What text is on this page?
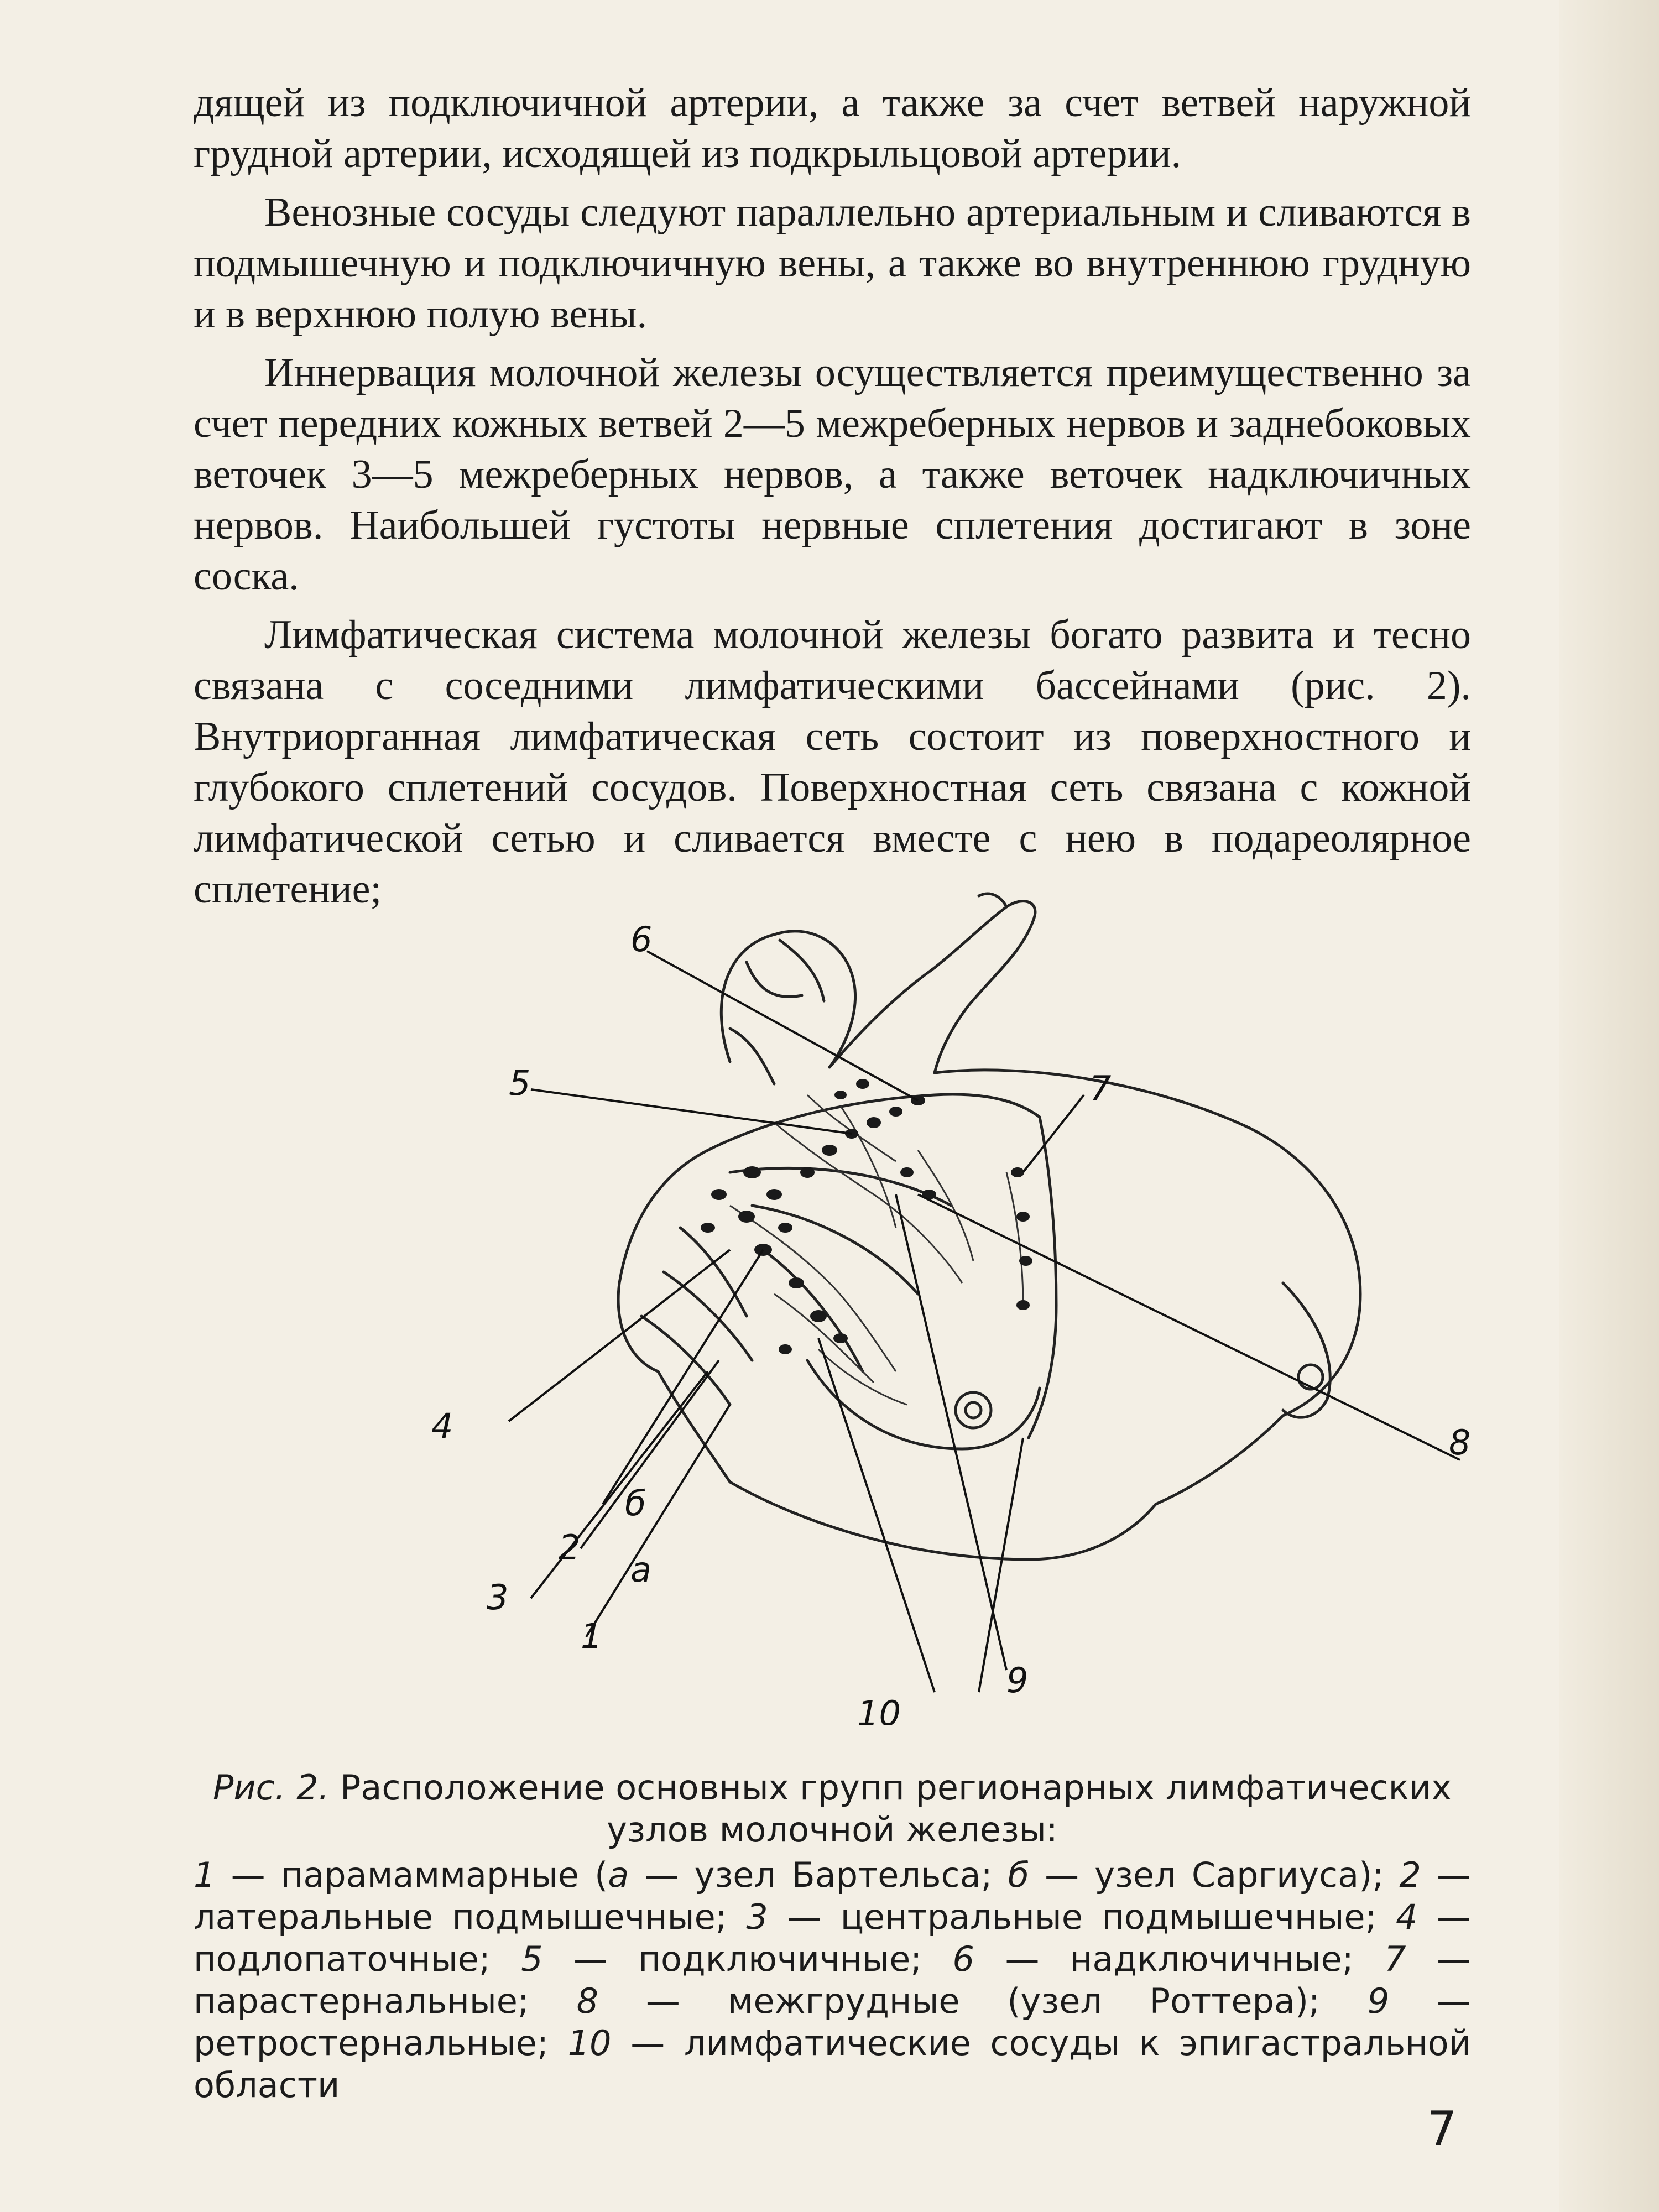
дящей из подключичной артерии, а также за счет ветвей наружной грудной артерии, исходящей из подкрыльцовой артерии.

Венозные сосуды следуют параллельно артериальным и сливаются в подмышечную и подключичную вены, а также во внутреннюю грудную и в верхнюю полую вены.

Иннервация молочной железы осуществляется преимущественно за счет передних кожных ветвей 2—5 межреберных нервов и заднебоковых веточек 3—5 межреберных нервов, а также веточек надключичных нервов. Наибольшей густоты нервные сплетения достигают в зоне соска.

Лимфатическая система молочной железы богато развита и тесно связана с соседними лимфатическими бассейнами (рис. 2). Внутриорганная лимфатическая сеть состоит из поверхностного и глубокого сплетений сосудов. Поверхностная сеть связана с кожной лимфатической сетью и сливается вместе с нею в подареолярное сплетение;

6
5	7
4	8
б
2
а
3
1
9
10

Рис. 2. Расположение основных групп регионарных лимфатических узлов молочной железы:

1 — парамаммарные (а — узел Бартельса; б — узел Саргиуса); 2 — латеральные подмышечные; 3 — центральные подмышечные; 4 — подлопаточные; 5 — подключичные; 6 — надключичные; 7 — парастернальные; 8 — межгрудные (узел Роттера); 9 — ретростернальные; 10 — лимфатические сосуды к эпигастральной области

7
